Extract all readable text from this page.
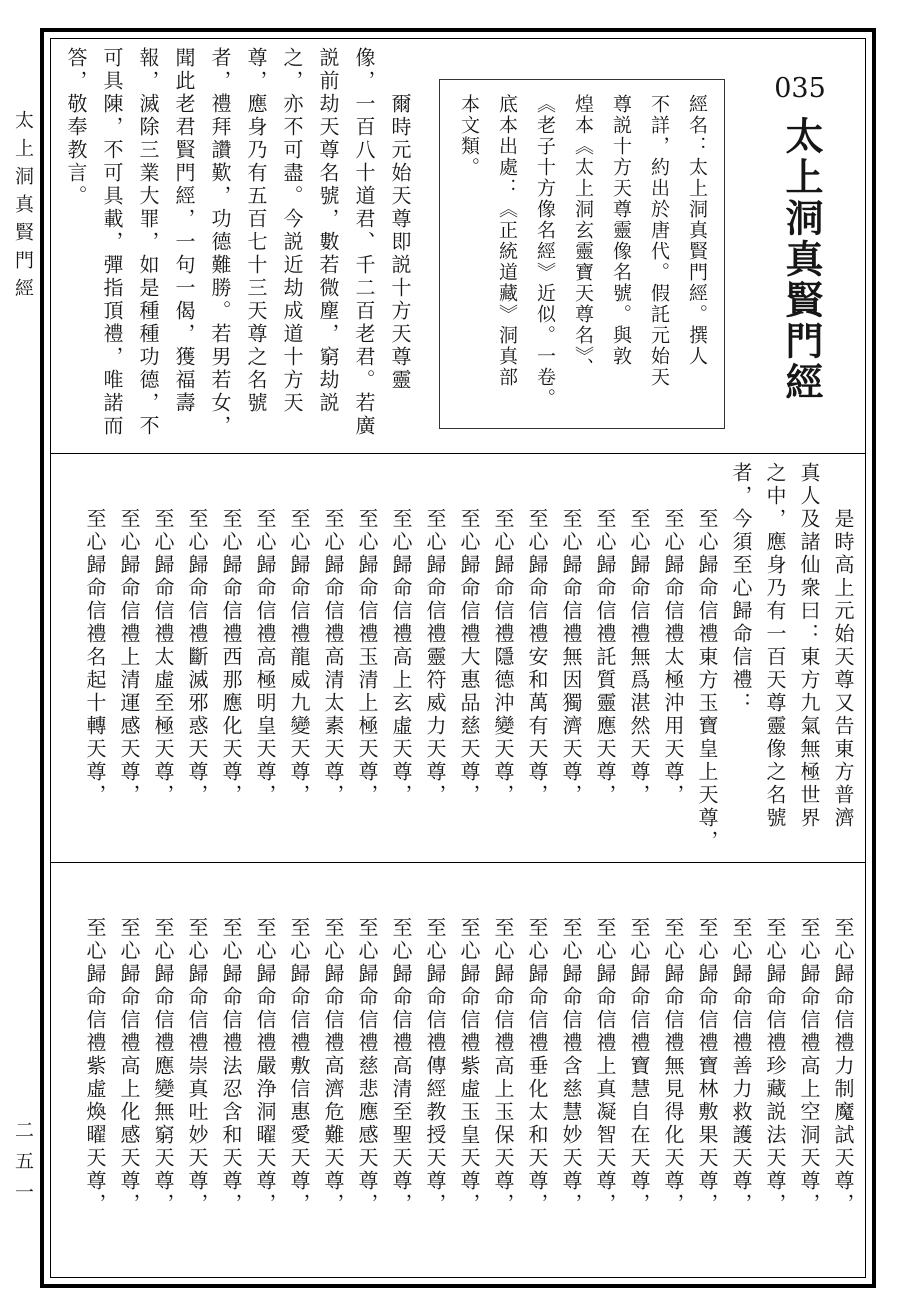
太上洞真賢門經
二五一
035太上洞真賢門經
經名：太上洞真賢門經。撰人
不詳，約出於唐代。假託元始天
尊説十方天尊靈像名號。與敦
煌本《太上洞玄靈寶天尊名》、
《老子十方像名經》近似。一卷。
底本出處：《正統道藏》洞真部
本文類。
爾時元始天尊即説十方天尊靈
像，一百八十道君、千二百老君。若廣
説前劫天尊名號，數若微塵，窮劫説
之，亦不可盡。今説近劫成道十方天
尊，應身乃有五百七十三天尊之名號
者，禮拜讚歎，功德難勝。若男若女，
聞此老君賢門經，一句一偈，獲福壽
報，滅除三業大罪，如是種種功德，不
可具陳，不可具載，彈指頂禮，唯諾而
答，敬奉教言。
是時高上元始天尊又告東方普濟
真人及諸仙衆曰：東方九氣無極世界
之中，應身乃有一百天尊靈像之名號
者，今須至心歸命信禮：
至心歸命信禮東方玉寶皇上天尊，
至心歸命信禮太極沖用天尊，
至心歸命信禮無爲湛然天尊，
至心歸命信禮託質靈應天尊，
至心歸命信禮無因獨濟天尊，
至心歸命信禮安和萬有天尊，
至心歸命信禮隱德沖變天尊，
至心歸命信禮大惠品慈天尊，
至心歸命信禮靈符威力天尊，
至心歸命信禮高上玄虛天尊，
至心歸命信禮玉清上極天尊，
至心歸命信禮高清太素天尊，
至心歸命信禮龍威九變天尊，
至心歸命信禮高極明皇天尊，
至心歸命信禮西那應化天尊，
至心歸命信禮斷滅邪惑天尊，
至心歸命信禮太虛至極天尊，
至心歸命信禮上清運感天尊，
至心歸命信禮名起十轉天尊，
至心歸命信禮力制魔試天尊，
至心歸命信禮高上空洞天尊，
至心歸命信禮珍藏説法天尊，
至心歸命信禮善力救護天尊，
至心歸命信禮寶林敷果天尊，
至心歸命信禮無見得化天尊，
至心歸命信禮寶慧自在天尊，
至心歸命信禮上真凝智天尊，
至心歸命信禮含慈慧妙天尊，
至心歸命信禮垂化太和天尊，
至心歸命信禮高上玉保天尊，
至心歸命信禮紫虛玉皇天尊，
至心歸命信禮傳經教授天尊，
至心歸命信禮高清至聖天尊，
至心歸命信禮慈悲應感天尊，
至心歸命信禮高濟危難天尊，
至心歸命信禮敷信惠愛天尊，
至心歸命信禮嚴浄洞曜天尊，
至心歸命信禮法忍含和天尊，
至心歸命信禮崇真吐妙天尊，
至心歸命信禮應變無窮天尊，
至心歸命信禮高上化感天尊，
至心歸命信禮紫虛煥曜天尊，
